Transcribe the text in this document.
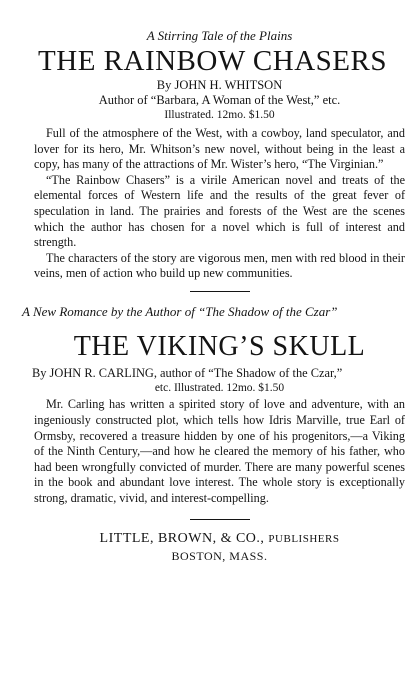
A Stirring Tale of the Plains
THE RAINBOW CHASERS
By JOHN H. WHITSON
Author of “Barbara, A Woman of the West,” etc.
Illustrated. 12mo. $1.50

Full of the atmosphere of the West, with a cowboy, land speculator, and lover for its hero, Mr. Whitson’s new novel, without being in the least a copy, has many of the attractions of Mr. Wister’s hero, “The Virginian.”

“The Rainbow Chasers” is a virile American novel and treats of the elemental forces of Western life and the results of the great fever of speculation in land. The prairies and forests of the West are the scenes which the author has chosen for a novel which is full of interest and strength.

The characters of the story are vigorous men, men with red blood in their veins, men of action who build up new communities.

A New Romance by the Author of “The Shadow of the Czar”
THE VIKING’S SKULL
By JOHN R. CARLING, author of “The Shadow of the Czar,”
etc. Illustrated. 12mo. $1.50

Mr. Carling has written a spirited story of love and adventure, with an ingeniously constructed plot, which tells how Idris Marville, true Earl of Ormsby, recovered a treasure hidden by one of his progenitors,—a Viking of the Ninth Century,—and how he cleared the memory of his father, who had been wrongfully convicted of murder. There are many powerful scenes in the book and abundant love interest. The whole story is exceptionally strong, dramatic, vivid, and interest-compelling.

LITTLE, BROWN, & CO., PUBLISHERS
BOSTON, MASS.
